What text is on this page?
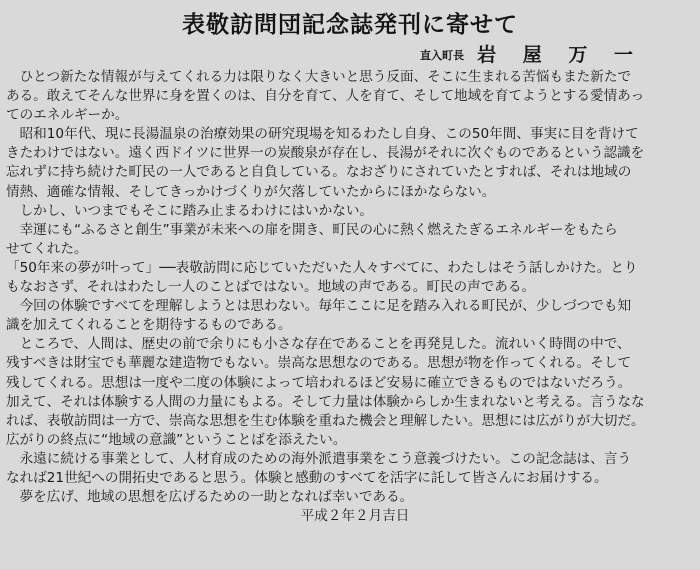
表敬訪問団記念誌発刊に寄せて
直入町長 岩 屋 万 一
　ひとつ新たな情報が与えてくれる力は限りなく大きいと思う反面、そこに生まれる苦悩もまた新たで
ある。敢えてそんな世界に身を置くのは、自分を育て、人を育て、そして地域を育てようとする愛情あっ
てのエネルギーか。
　昭和10年代、現に長湯温泉の治療効果の研究現場を知るわたし自身、この50年間、事実に目を背けて
きたわけではない。遠く西ドイツに世界一の炭酸泉が存在し、長湯がそれに次ぐものであるという認識を
忘れずに持ち続けた町民の一人であると自負している。なおざりにされていたとすれば、それは地域の
情熱、適確な情報、そしてきっかけづくりが欠落していたからにほかならない。
　しかし、いつまでもそこに踏み止まるわけにはいかない。
　幸運にも“ふるさと創生”事業が未来への扉を開き、町民の心に熱く燃えたぎるエネルギーをもたら
せてくれた。
「50年来の夢が叶って」──表敬訪問に応じていただいた人々すべてに、わたしはそう話しかけた。とり
もなおさず、それはわたし一人のことばではない。地域の声である。町民の声である。
　今回の体験ですべてを理解しようとは思わない。毎年ここに足を踏み入れる町民が、少しづつでも知
識を加えてくれることを期待するものである。
　ところで、人間は、歴史の前で余りにも小さな存在であることを再発見した。流れいく時間の中で、
残すべきは財宝でも華麗な建造物でもない。崇高な思想なのである。思想が物を作ってくれる。そして
残してくれる。思想は一度や二度の体験によって培われるほど安易に確立できるものではないだろう。
加えて、それは体験する人間の力量にもよる。そして力量は体験からしか生まれないと考える。言うなな
れば、表敬訪問は一方で、崇高な思想を生む体験を重ねた機会と理解したい。思想には広がりが大切だ。
広がりの終点に“地域の意識”ということばを添えたい。
　永遠に続ける事業として、人材育成のための海外派遣事業をこう意義づけたい。この記念誌は、言う
なれば21世紀への開拓史であると思う。体験と感動のすべてを活字に託して皆さんにお届けする。
　夢を広げ、地域の思想を広げるための一助となれば幸いである。
平成２年２月吉日
